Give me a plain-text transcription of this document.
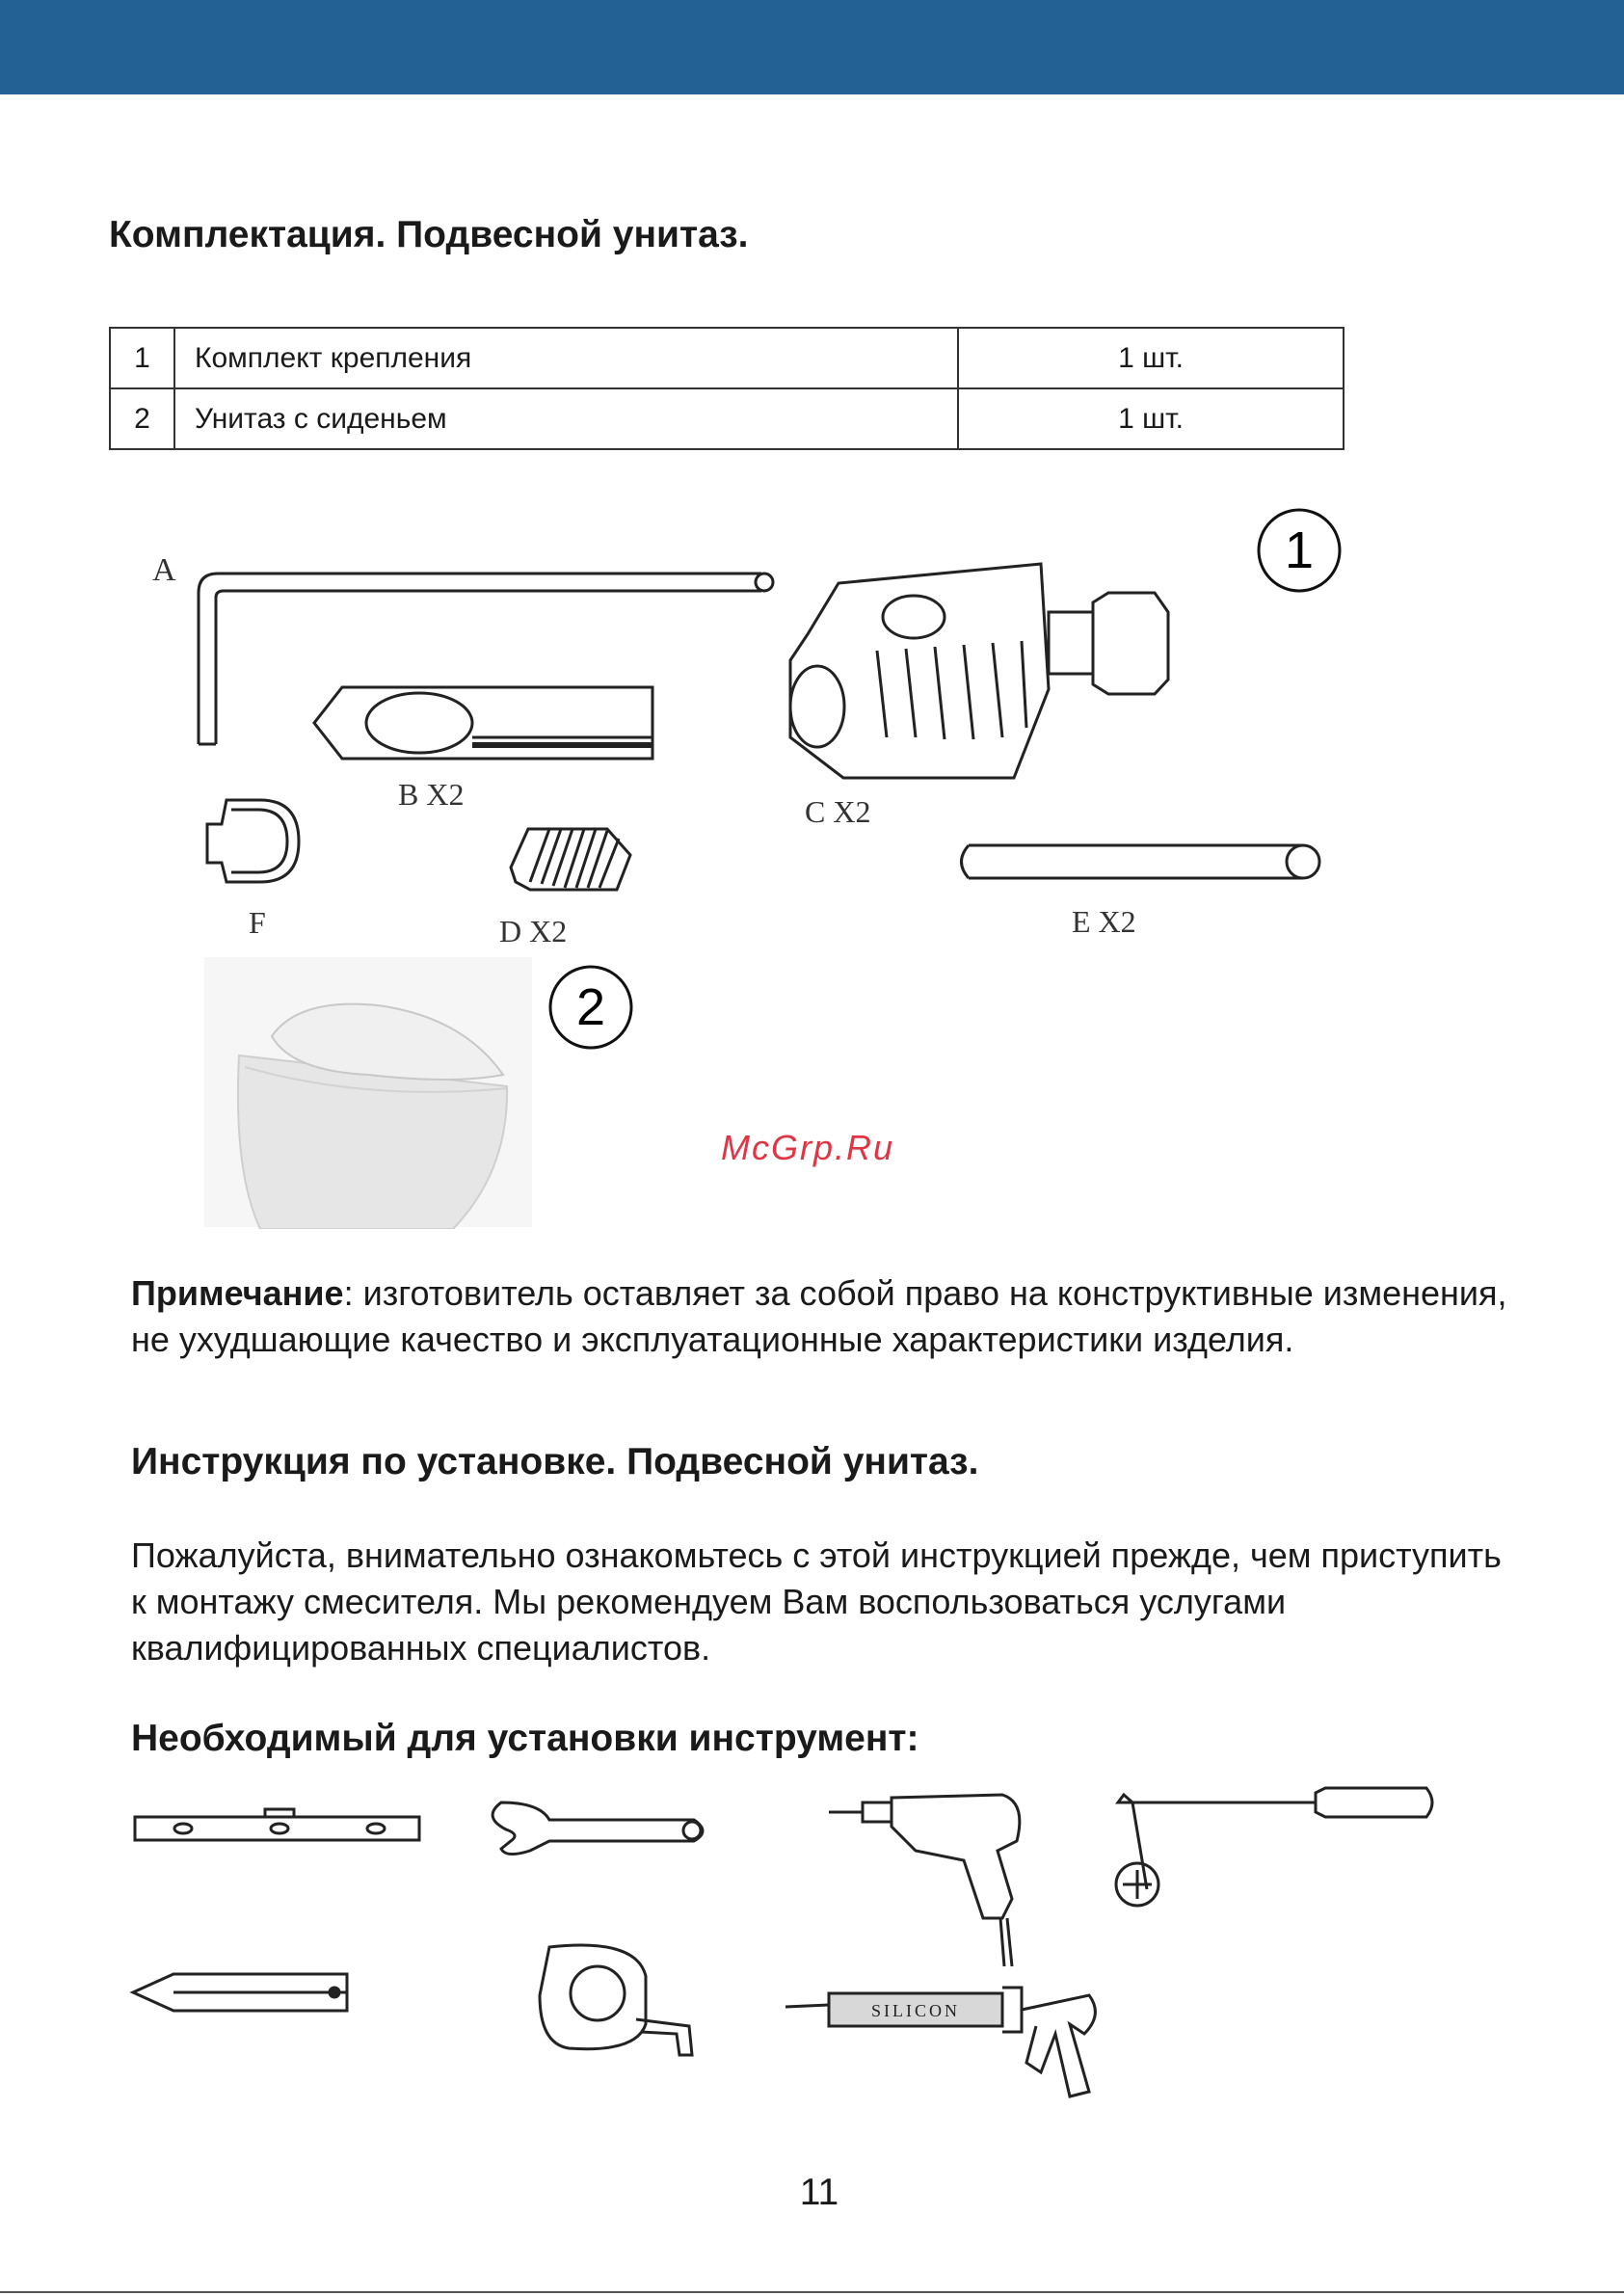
Комплектация. Подвесной унитаз.
1	Комплект крепления	1 шт.
2	Унитаз с сиденьем	1 шт.
1
A
B X2	C X2
F	D X2	E X2
2
McGrp.Ru

Примечание: изготовитель оставляет за собой право на конструктивные изменения, не ухудшающие качество и эксплуатационные характеристики изделия.

Инструкция по установке. Подвесной унитаз.

Пожалуйста, внимательно ознакомьтесь с этой инструкцией прежде, чем приступить к монтажу смесителя. Мы рекомендуем Вам воспользоваться услугами квалифицированных специалистов.

Необходимый для установки инструмент:
SILICON
11
